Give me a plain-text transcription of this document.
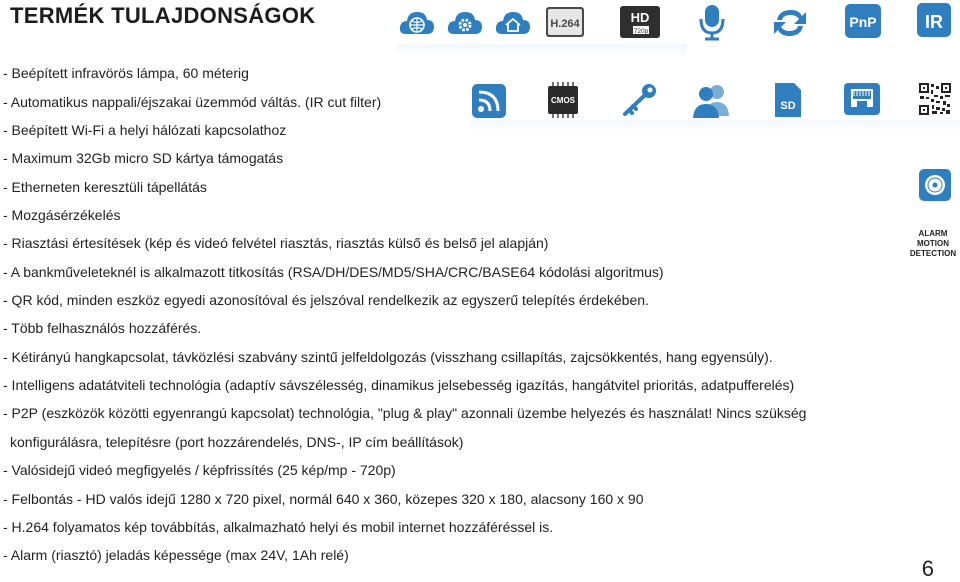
TERMÉK TULAJDONSÁGOK	H.264	HD
720p
PnP	IR
CMOS	SD
ALARM MOTION DETECTION
- Beépített infravörös lámpa, 60 méterig
- Automatikus nappali/éjszakai üzemmód váltás. (IR cut filter)
- Beépített Wi-Fi a helyi hálózati kapcsolathoz
- Maximum 32Gb micro SD kártya támogatás
- Etherneten keresztüli tápellátás
- Mozgásérzékelés
- Riasztási értesítések (kép és videó felvétel riasztás, riasztás külső és belső jel alapján)
- A bankműveleteknél is alkalmazott titkosítás (RSA/DH/DES/MD5/SHA/CRC/BASE64 kódolási algoritmus)
- QR kód, minden eszköz egyedi azonosítóval és jelszóval rendelkezik az egyszerű telepítés érdekében.
- Több felhasználós hozzáférés.
- Kétirányú hangkapcsolat, távközlési szabvány szintű jelfeldolgozás (visszhang csillapítás, zajcsökkentés, hang egyensúly).
- Intelligens adatátviteli technológia (adaptív sávszélesség, dinamikus jelsebesség igazítás, hangátvitel prioritás, adatpufferelés)
- P2P (eszközök közötti egyenrangú kapcsolat) technológia, "plug & play" azonnali üzembe helyezés és használat! Nincs szükség
konfigurálásra, telepítésre (port hozzárendelés, DNS-, IP cím beállítások)
- Valósidejű videó megfigyelés / képfrissítés (25 kép/mp - 720p)
- Felbontás - HD valós idejű 1280 x 720 pixel, normál 640 x 360, közepes 320 x 180, alacsony 160 x 90
- H.264 folyamatos kép továbbítás, alkalmazható helyi és mobil internet hozzáféréssel is.
- Alarm (riasztó) jeladás képessége (max 24V, 1Ah relé)
6
